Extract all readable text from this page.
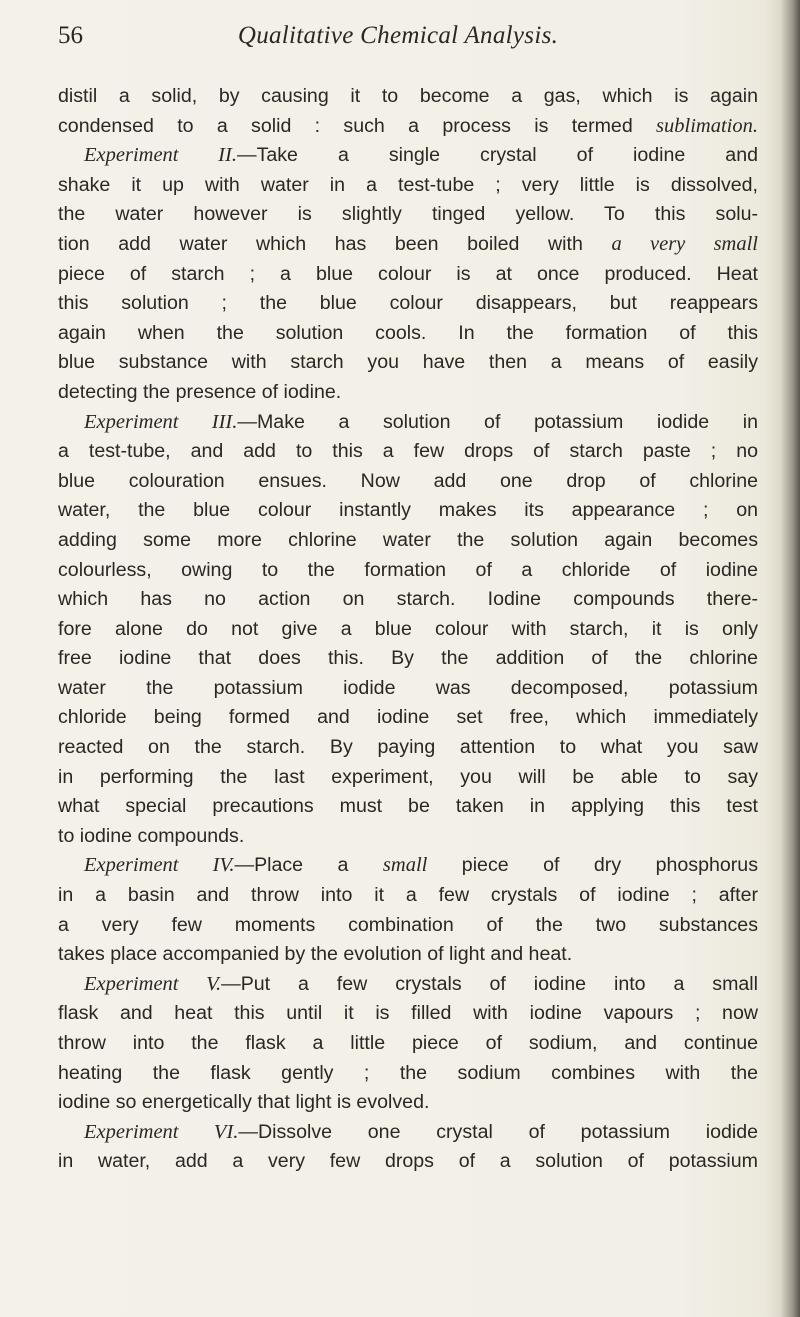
56	Qualitative Chemical Analysis.
distil a solid, by causing it to become a gas, which is again
condensed to a solid : such a process is termed sublimation.
Experiment II.—Take a single crystal of iodine and
shake it up with water in a test-tube ; very little is dissolved,
the water however is slightly tinged yellow. To this solu-
tion add water which has been boiled with a very small
piece of starch ; a blue colour is at once produced. Heat
this solution ; the blue colour disappears, but reappears
again when the solution cools. In the formation of this
blue substance with starch you have then a means of easily
detecting the presence of iodine.
Experiment III.—Make a solution of potassium iodide in
a test-tube, and add to this a few drops of starch paste ; no
blue colouration ensues. Now add one drop of chlorine
water, the blue colour instantly makes its appearance ; on
adding some more chlorine water the solution again becomes
colourless, owing to the formation of a chloride of iodine
which has no action on starch. Iodine compounds there-
fore alone do not give a blue colour with starch, it is only
free iodine that does this. By the addition of the chlorine
water the potassium iodide was decomposed, potassium
chloride being formed and iodine set free, which immediately
reacted on the starch. By paying attention to what you saw
in performing the last experiment, you will be able to say
what special precautions must be taken in applying this test
to iodine compounds.
Experiment IV.—Place a small piece of dry phosphorus
in a basin and throw into it a few crystals of iodine ; after
a very few moments combination of the two substances
takes place accompanied by the evolution of light and heat.
Experiment V.—Put a few crystals of iodine into a small
flask and heat this until it is filled with iodine vapours ; now
throw into the flask a little piece of sodium, and continue
heating the flask gently ; the sodium combines with the
iodine so energetically that light is evolved.
Experiment VI.—Dissolve one crystal of potassium iodide
in water, add a very few drops of a solution of potassium
